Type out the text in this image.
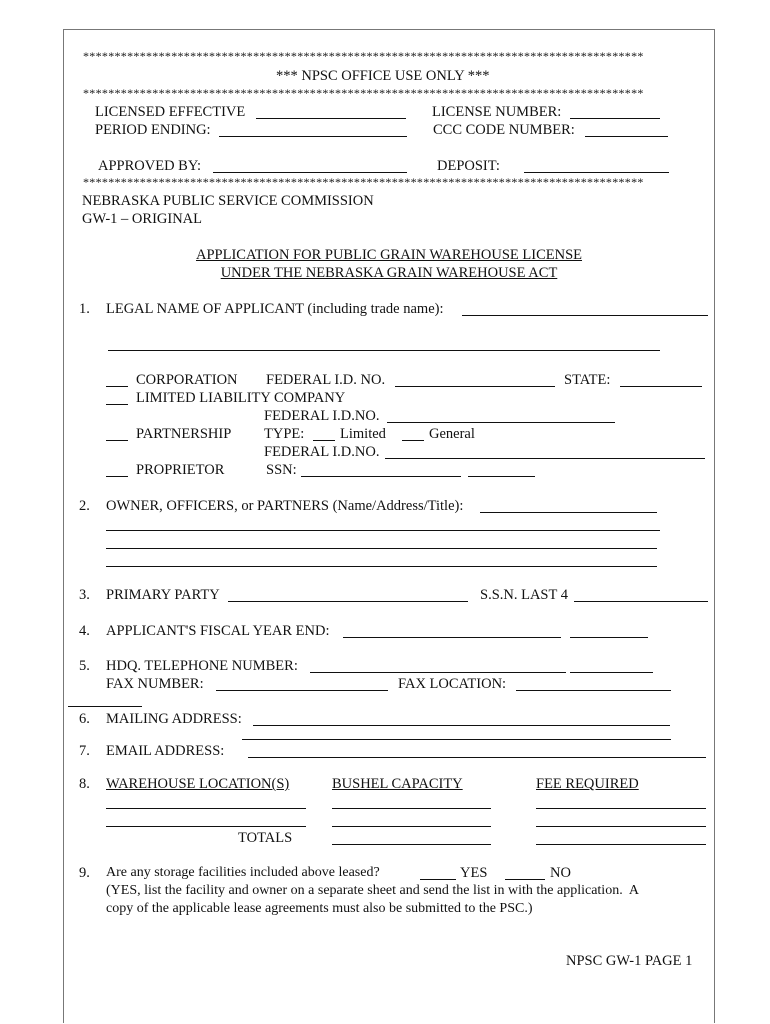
*****************************************************************************************
*** NPSC OFFICE USE ONLY ***
*****************************************************************************************
LICENSED EFFECTIVE	LICENSE NUMBER:
PERIOD ENDING:	CCC CODE NUMBER:
APPROVED BY:	DEPOSIT:
*****************************************************************************************
NEBRASKA PUBLIC SERVICE COMMISSION
GW-1 – ORIGINAL
APPLICATION FOR PUBLIC GRAIN WAREHOUSE LICENSE
UNDER THE NEBRASKA GRAIN WAREHOUSE ACT
1. LEGAL NAME OF APPLICANT (including trade name):
CORPORATION FEDERAL I.D. NO.	STATE:
LIMITED LIABILITY COMPANY
FEDERAL I.D.NO.
PARTNERSHIP TYPE: Limited	General
FEDERAL I.D.NO.
PROPRIETOR	SSN:
2. OWNER, OFFICERS, or PARTNERS (Name/Address/Title):
3. PRIMARY PARTY	S.S.N. LAST 4
4. APPLICANT'S FISCAL YEAR END:
5. HDQ. TELEPHONE NUMBER:
FAX NUMBER:	FAX LOCATION:
6. MAILING ADDRESS:
7. EMAIL ADDRESS:
8. WAREHOUSE LOCATION(S)	BUSHEL CAPACITY	FEE REQUIRED
TOTALS
9. Are any storage facilities included above leased?	YES	NO
(YES, list the facility and owner on a separate sheet and send the list in with the application.  A
copy of the applicable lease agreements must also be submitted to the PSC.)
NPSC GW-1 PAGE 1
